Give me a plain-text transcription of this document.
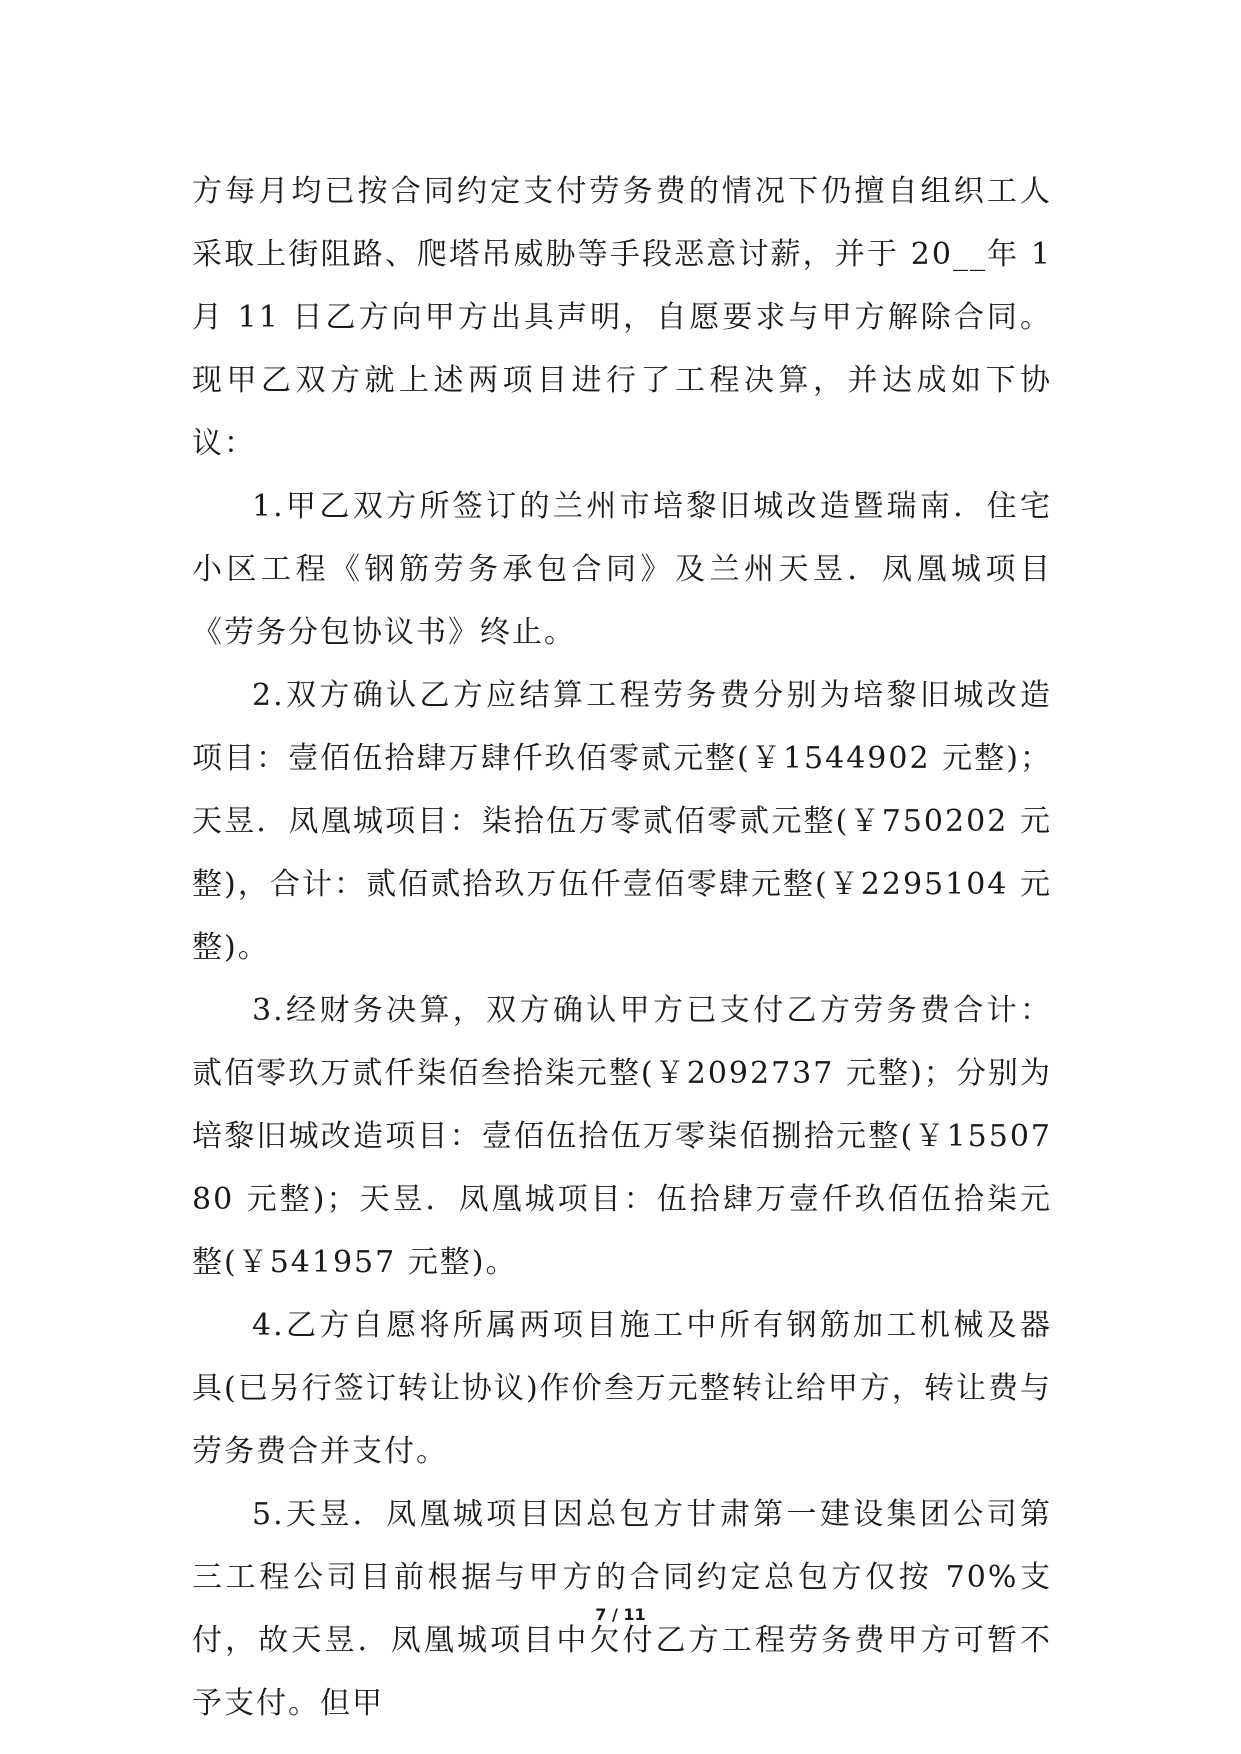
方每月均已按合同约定支付劳务费的情况下仍擅自组织工人采取上街阻路、爬塔吊威胁等手段恶意讨薪，并于 20__年 1 月 11 日乙方向甲方出具声明，自愿要求与甲方解除合同。现甲乙双方就上述两项目进行了工程决算，并达成如下协议：

1.甲乙双方所签订的兰州市培黎旧城改造暨瑞南．住宅小区工程《钢筋劳务承包合同》及兰州天昱．凤凰城项目《劳务分包协议书》终止。

2.双方确认乙方应结算工程劳务费分别为培黎旧城改造项目：壹佰伍拾肆万肆仟玖佰零贰元整(￥1544902 元整)；天昱．凤凰城项目：柒拾伍万零贰佰零贰元整(￥750202 元整)，合计：贰佰贰拾玖万伍仟壹佰零肆元整(￥2295104 元整)。

3.经财务决算，双方确认甲方已支付乙方劳务费合计：贰佰零玖万贰仟柒佰叁拾柒元整(￥2092737 元整)；分别为培黎旧城改造项目：壹佰伍拾伍万零柒佰捌拾元整(￥1550780 元整)；天昱．凤凰城项目：伍拾肆万壹仟玖佰伍拾柒元整(￥541957 元整)。

4.乙方自愿将所属两项目施工中所有钢筋加工机械及器具(已另行签订转让协议)作价叁万元整转让给甲方，转让费与劳务费合并支付。

5.天昱．凤凰城项目因总包方甘肃第一建设集团公司第三工程公司目前根据与甲方的合同约定总包方仅按 70%支付，故天昱．凤凰城项目中欠付乙方工程劳务费甲方可暂不予支付。但甲

7 / 11
